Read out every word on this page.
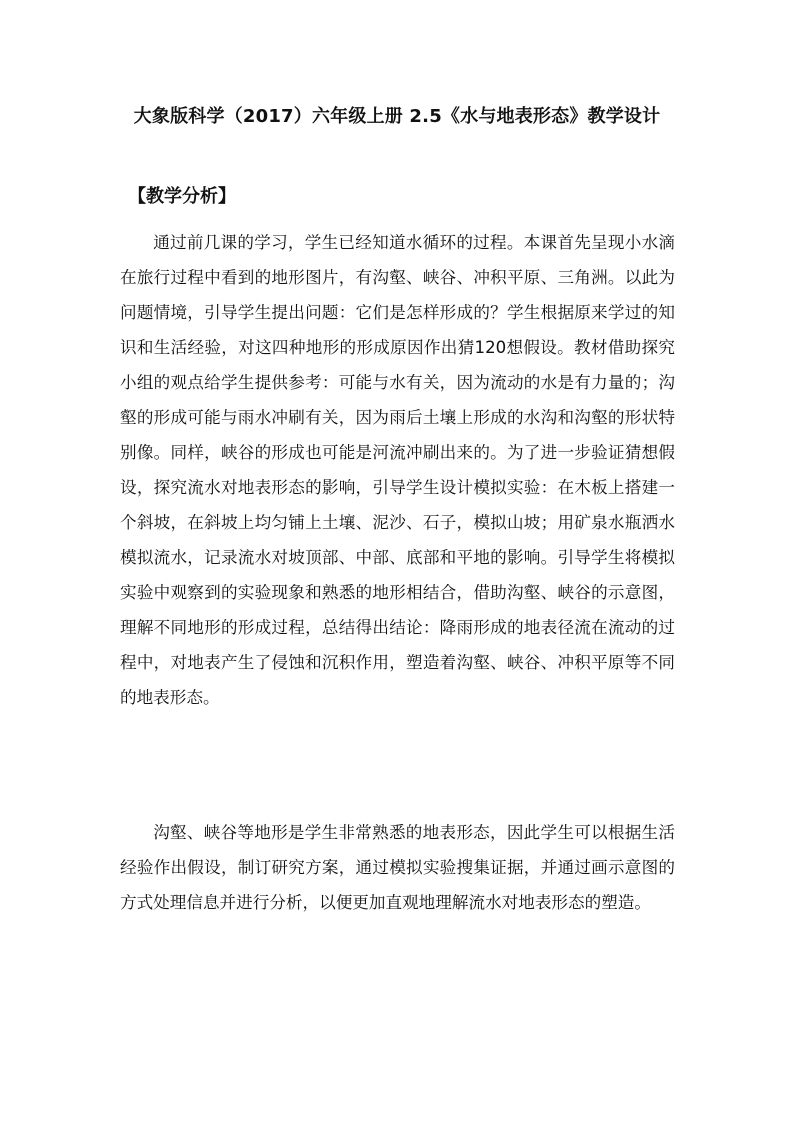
大象版科学（2017）六年级上册 2.5《水与地表形态》教学设计
【教学分析】

通过前几课的学习，学生已经知道水循环的过程。本课首先呈现小水滴在旅行过程中看到的地形图片，有沟壑、峡谷、冲积平原、三角洲。以此为问题情境，引导学生提出问题：它们是怎样形成的？学生根据原来学过的知识和生活经验，对这四种地形的形成原因作出猜120想假设。教材借助探究小组的观点给学生提供参考：可能与水有关，因为流动的水是有力量的；沟壑的形成可能与雨水冲刷有关，因为雨后土壤上形成的水沟和沟壑的形状特别像。同样，峡谷的形成也可能是河流冲刷出来的。为了进一步验证猜想假设，探究流水对地表形态的影响，引导学生设计模拟实验：在木板上搭建一个斜坡，在斜坡上均匀铺上土壤、泥沙、石子，模拟山坡；用矿泉水瓶洒水模拟流水，记录流水对坡顶部、中部、底部和平地的影响。引导学生将模拟实验中观察到的实验现象和熟悉的地形相结合，借助沟壑、峡谷的示意图，理解不同地形的形成过程，总结得出结论：降雨形成的地表径流在流动的过程中，对地表产生了侵蚀和沉积作用，塑造着沟壑、峡谷、冲积平原等不同的地表形态。

沟壑、峡谷等地形是学生非常熟悉的地表形态，因此学生可以根据生活经验作出假设，制订研究方案，通过模拟实验搜集证据，并通过画示意图的方式处理信息并进行分析，以便更加直观地理解流水对地表形态的塑造。
